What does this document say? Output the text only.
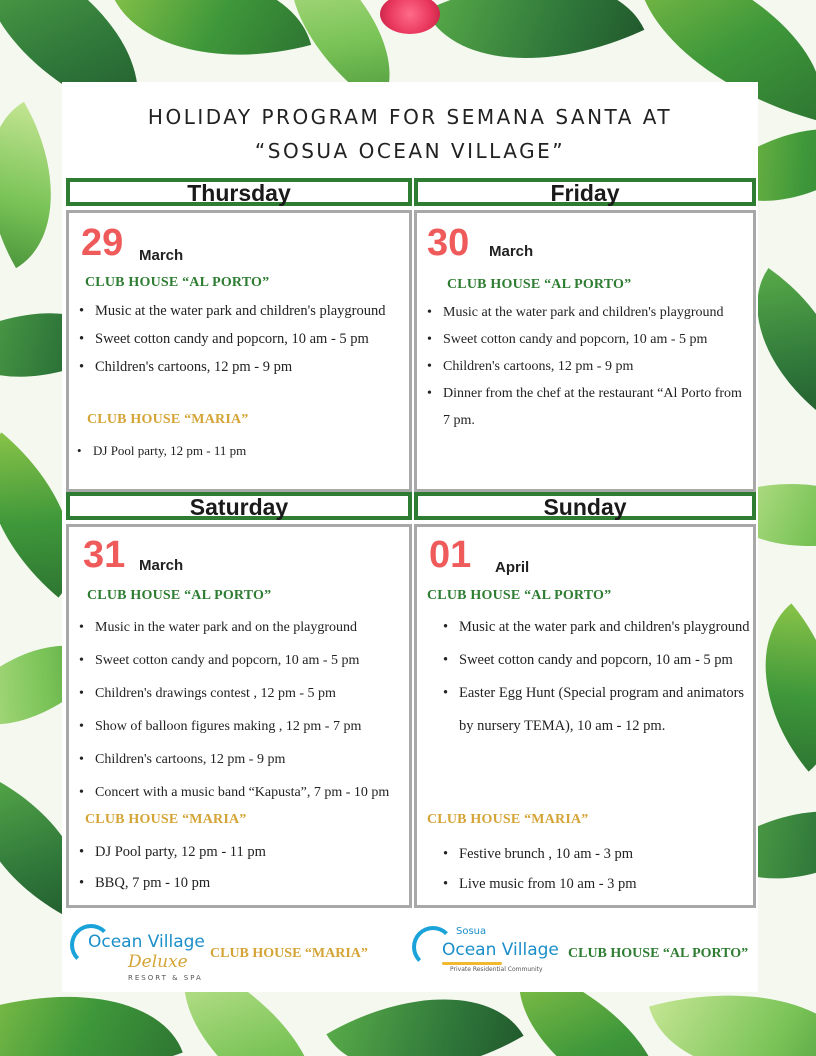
HOLIDAY PROGRAM FOR SEMANA SANTA AT
“SOSUA OCEAN VILLAGE”
Thursday
29 March
CLUB HOUSE “AL PORTO”
• Music at the water park and children's playground
• Sweet cotton candy and popcorn, 10 am - 5 pm
• Children's cartoons, 12 pm - 9 pm
CLUB HOUSE “MARIA”
• DJ Pool party, 12 pm - 11 pm
Friday
30 March
CLUB HOUSE “AL PORTO”
• Music at the water park and children's playground
• Sweet cotton candy and popcorn, 10 am - 5 pm
• Children's cartoons, 12 pm - 9 pm
• Dinner from the chef at the restaurant “Al Porto from 7 pm.
Saturday
31 March
CLUB HOUSE “AL PORTO”
• Music in the water park and on the playground
• Sweet cotton candy and popcorn, 10 am - 5 pm
• Children's drawings contest , 12 pm - 5 pm
• Show of balloon figures making , 12 pm - 7 pm
• Children's cartoons, 12 pm - 9 pm
• Concert with a music band “Kapusta”, 7 pm - 10 pm
CLUB HOUSE “MARIA”
• DJ Pool party, 12 pm - 11 pm
• BBQ, 7 pm - 10 pm
Sunday
01 April
CLUB HOUSE “AL PORTO”
• Music at the water park and children's playground
• Sweet cotton candy and popcorn, 10 am - 5 pm
• Easter Egg Hunt (Special program and animators by nursery TEMA), 10 am - 12 pm.
CLUB HOUSE “MARIA”
• Festive brunch , 10 am - 3 pm
• Live music from 10 am - 3 pm
Ocean Village
Deluxe
RESORT & SPA
CLUB HOUSE “MARIA”
Sosua
Ocean Village
Private Residential Community
CLUB HOUSE “AL PORTO”
